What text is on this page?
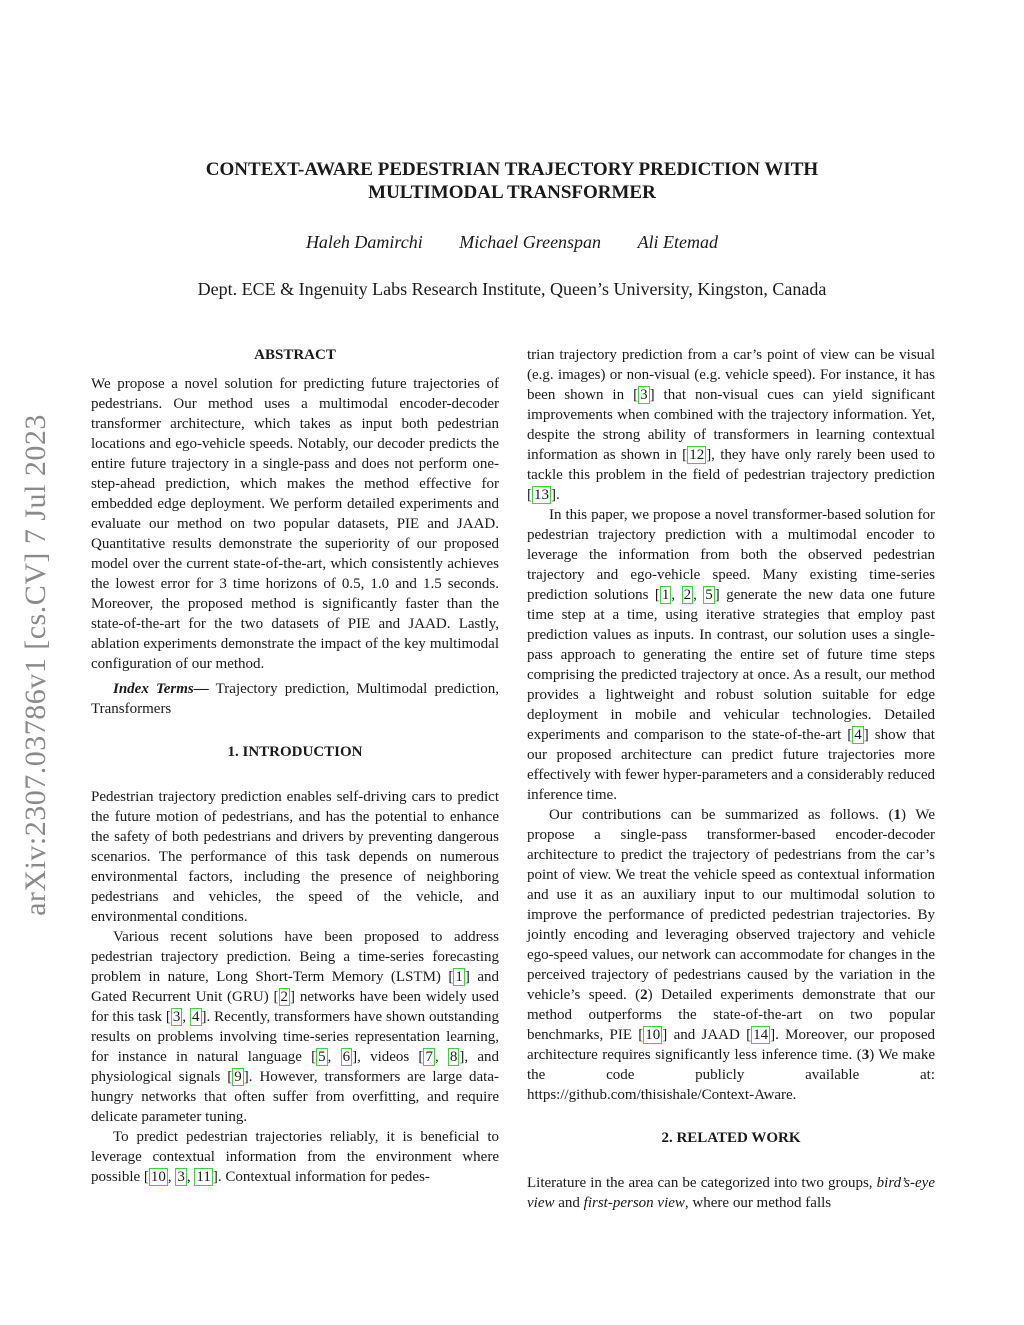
arXiv:2307.03786v1 [cs.CV] 7 Jul 2023
CONTEXT-AWARE PEDESTRIAN TRAJECTORY PREDICTION WITH
MULTIMODAL TRANSFORMER
Haleh Damirchi Michael Greenspan Ali Etemad
Dept. ECE & Ingenuity Labs Research Institute, Queen’s University, Kingston, Canada
ABSTRACT

We propose a novel solution for predicting future trajectories of pedestrians. Our method uses a multimodal encoder-decoder transformer architecture, which takes as input both pedestrian locations and ego-vehicle speeds. Notably, our decoder predicts the entire future trajectory in a single-pass and does not perform one-step-ahead prediction, which makes the method effective for embedded edge deployment. We perform detailed experiments and evaluate our method on two popular datasets, PIE and JAAD. Quantitative results demonstrate the superiority of our proposed model over the current state-of-the-art, which consistently achieves the lowest error for 3 time horizons of 0.5, 1.0 and 1.5 seconds. Moreover, the proposed method is significantly faster than the state-of-the-art for the two datasets of PIE and JAAD. Lastly, ablation experiments demonstrate the impact of the key multimodal configuration of our method.

Index Terms— Trajectory prediction, Multimodal prediction, Transformers

1. INTRODUCTION

Pedestrian trajectory prediction enables self-driving cars to predict the future motion of pedestrians, and has the potential to enhance the safety of both pedestrians and drivers by preventing dangerous scenarios. The performance of this task depends on numerous environmental factors, including the presence of neighboring pedestrians and vehicles, the speed of the vehicle, and environmental conditions.

Various recent solutions have been proposed to address pedestrian trajectory prediction. Being a time-series forecasting problem in nature, Long Short-Term Memory (LSTM) [ 1 ] and Gated Recurrent Unit (GRU) [ 2 ] networks have been widely used for this task [ 3 , 4 ]. Recently, transformers have shown outstanding results on problems involving time-series representation learning, for instance in natural language [ 5 , 6 ], videos [ 7 , 8 ], and physiological signals [ 9 ]. However, transformers are large data-hungry networks that often suffer from overfitting, and require delicate parameter tuning.

To predict pedestrian trajectories reliably, it is beneficial to leverage contextual information from the environment where possible [ 10 , 3 , 11 ]. Contextual information for pedes-

trian trajectory prediction from a car’s point of view can be visual (e.g. images) or non-visual (e.g. vehicle speed). For instance, it has been shown in [ 3 ] that non-visual cues can yield significant improvements when combined with the trajectory information. Yet, despite the strong ability of transformers in learning contextual information as shown in [ 12 ], they have only rarely been used to tackle this problem in the field of pedestrian trajectory prediction [ 13 ].

In this paper, we propose a novel transformer-based solution for pedestrian trajectory prediction with a multimodal encoder to leverage the information from both the observed pedestrian trajectory and ego-vehicle speed. Many existing time-series prediction solutions [ 1 , 2 , 5 ] generate the new data one future time step at a time, using iterative strategies that employ past prediction values as inputs. In contrast, our solution uses a single-pass approach to generating the entire set of future time steps comprising the predicted trajectory at once. As a result, our method provides a lightweight and robust solution suitable for edge deployment in mobile and vehicular technologies. Detailed experiments and comparison to the state-of-the-art [ 4 ] show that our proposed architecture can predict future trajectories more effectively with fewer hyper-parameters and a considerably reduced inference time.

Our contributions can be summarized as follows. (1) We propose a single-pass transformer-based encoder-decoder architecture to predict the trajectory of pedestrians from the car’s point of view. We treat the vehicle speed as contextual information and use it as an auxiliary input to our multimodal solution to improve the performance of predicted pedestrian trajectories. By jointly encoding and leveraging observed trajectory and vehicle ego-speed values, our network can accommodate for changes in the perceived trajectory of pedestrians caused by the variation in the vehicle’s speed. (2) Detailed experiments demonstrate that our method outperforms the state-of-the-art on two popular benchmarks, PIE [ 10 ] and JAAD [ 14 ]. Moreover, our proposed architecture requires significantly less inference time. (3) We make the code publicly available at: https://github.com/thisishale/Context-Aware.

2. RELATED WORK

Literature in the area can be categorized into two groups, bird’s-eye view and first-person view, where our method falls
